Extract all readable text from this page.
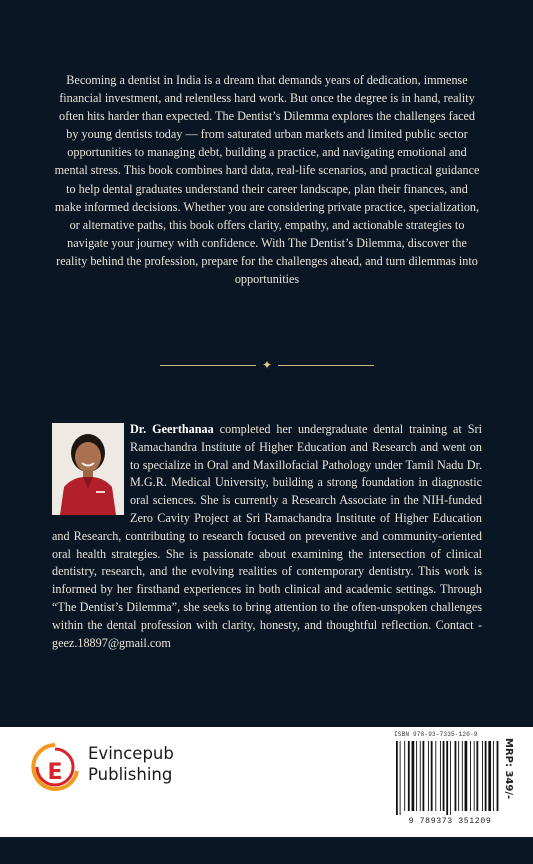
Becoming a dentist in India is a dream that demands years of dedication, immense financial investment, and relentless hard work. But once the degree is in hand, reality often hits harder than expected. The Dentist’s Dilemma explores the challenges faced by young dentists today — from saturated urban markets and limited public sector opportunities to managing debt, building a practice, and navigating emotional and mental stress. This book combines hard data, real-life scenarios, and practical guidance to help dental graduates understand their career landscape, plan their finances, and make informed decisions. Whether you are considering private practice, specialization, or alternative paths, this book offers clarity, empathy, and actionable strategies to navigate your journey with confidence. With The Dentist’s Dilemma, discover the reality behind the profession, prepare for the challenges ahead, and turn dilemmas into opportunities

✦
Dr. Geerthanaa completed her undergraduate dental training at Sri Ramachandra Institute of Higher Education and Research and went on to specialize in Oral and Maxillofacial Pathology under Tamil Nadu Dr. M.G.R. Medical University, building a strong foundation in diagnostic oral sciences. She is currently a Research Associate in the NIH-funded Zero Cavity Project at Sri Ramachandra Institute of Higher Education and Research, contributing to research focused on preventive and community-oriented oral health strategies. She is passionate about examining the intersection of clinical dentistry, research, and the evolving realities of contemporary dentistry. This work is informed by her firsthand experiences in both clinical and academic settings. Through “The Dentist’s Dilemma”, she seeks to bring attention to the often-unspoken challenges within the dental profession with clarity, honesty, and thoughtful reflection. Contact -geez.18897@gmail.com
E
Evincepub
Publishing
ISBN 978-93-7335-120-9
9 789373 351209
MRP: 349/-
